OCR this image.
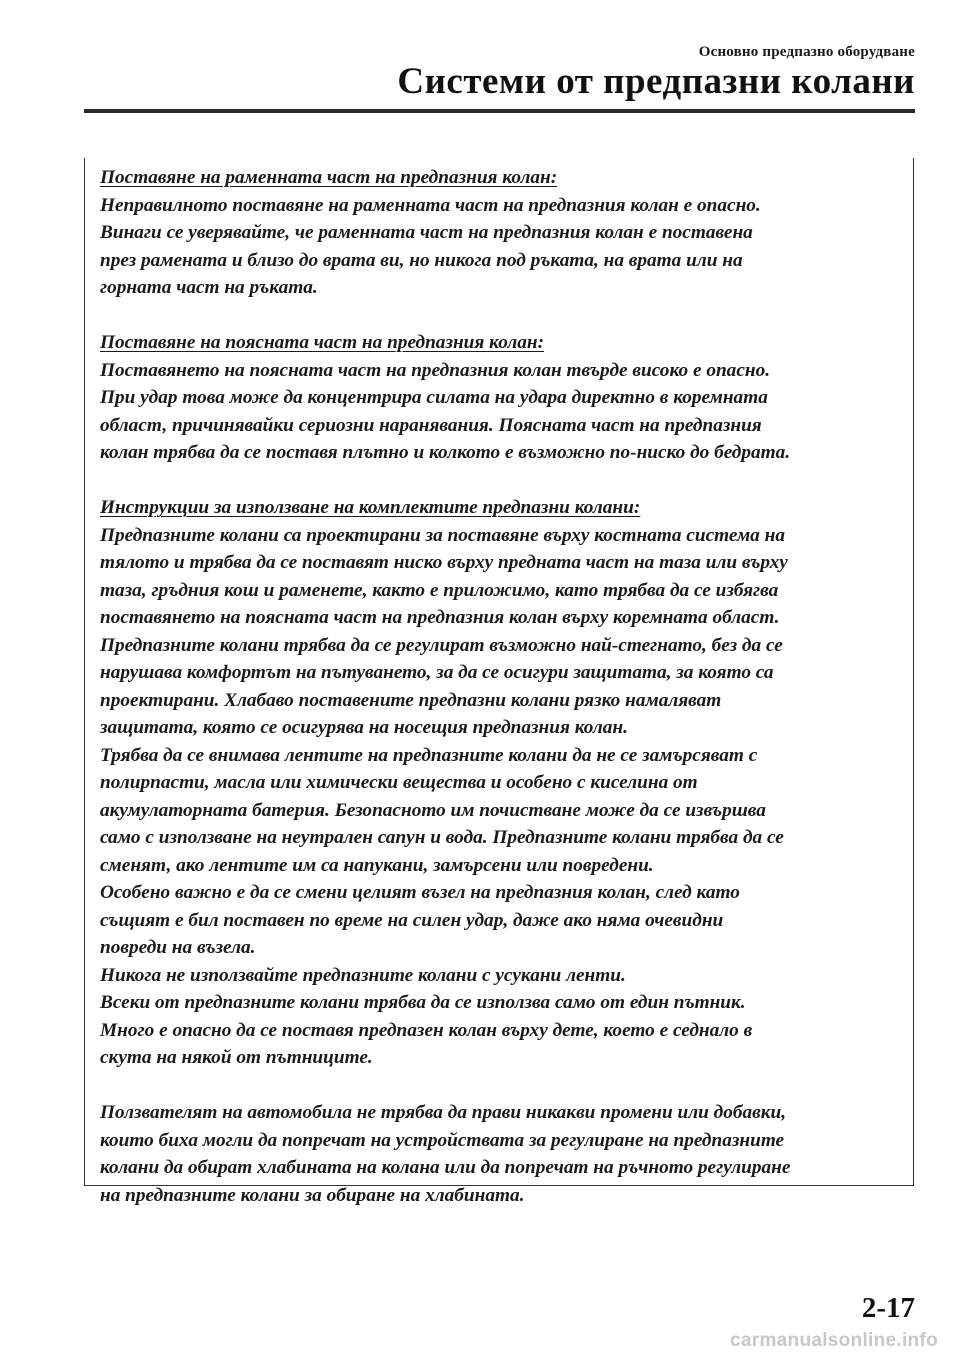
Основно предпазно оборудване
Системи от предпазни колани

Поставяне на раменната част на предпазния колан:

Неправилното поставяне на раменната част на предпазния колан е опасно.

Винаги се уверявайте, че раменната част на предпазния колан е поставена

през рамената и близо до врата ви, но никога под ръката, на врата или на

горната част на ръката.

Поставяне на поясната част на предпазния колан:

Поставянето на поясната част на предпазния колан твърде високо е опасно.

При удар това може да концентрира силата на удара директно в коремната

област, причинявайки сериозни наранявания. Поясната част на предпазния

колан трябва да се поставя плътно и колкото е възможно по-ниско до бедрата.

Инструкции за използване на комплектите предпазни колани:

Предпазните колани са проектирани за поставяне върху костната система на

тялото и трябва да се поставят ниско върху предната част на таза или върху

таза, гръдния кош и рамeнете, както е приложимо, като трябва да се избягва

поставянето на поясната част на предпазния колан върху коремната област.

Предпазните колани трябва да се регулират възможно най-стегнато, без да се

нарушава комфортът на пътуването, за да се осигури защитата, за която са

проектирани. Хлабаво поставените предпазни колани рязко намаляват

защитата, която се осигурява на носещия предпазния колан.

Трябва да се внимава лентите на предпазните колани да не се замърсяват с

полирпасти, масла или химически вещества и особено с киселина от

акумулаторната батерия. Безопасното им почистване може да се извършва

само с използване на неутрален сапун и вода. Предпазните колани трябва да се

сменят, ако лентите им са напукани, замърсени или повредени.

Особено важно е да се смени целият възел на предпазния колан, след като

същият е бил поставен по време на силен удар, даже ако няма очевидни

повреди на възела.

Никога не използвайте предпазните колани с усукани ленти.

Всеки от предпазните колани трябва да се използва само от един пътник.

Много е опасно да се поставя предпазен колан върху дете, което е седнало в

скута на някой от пътниците.

Ползвателят на автомобила не трябва да прави никакви промени или добавки,

които биха могли да попречат на устройствата за регулиране на предпазните

колани да обират хлабината на колана или да попречат на ръчното регулиране

на предпазните колани за обиране на хлабината.

2-17
carmanualsonline.info
